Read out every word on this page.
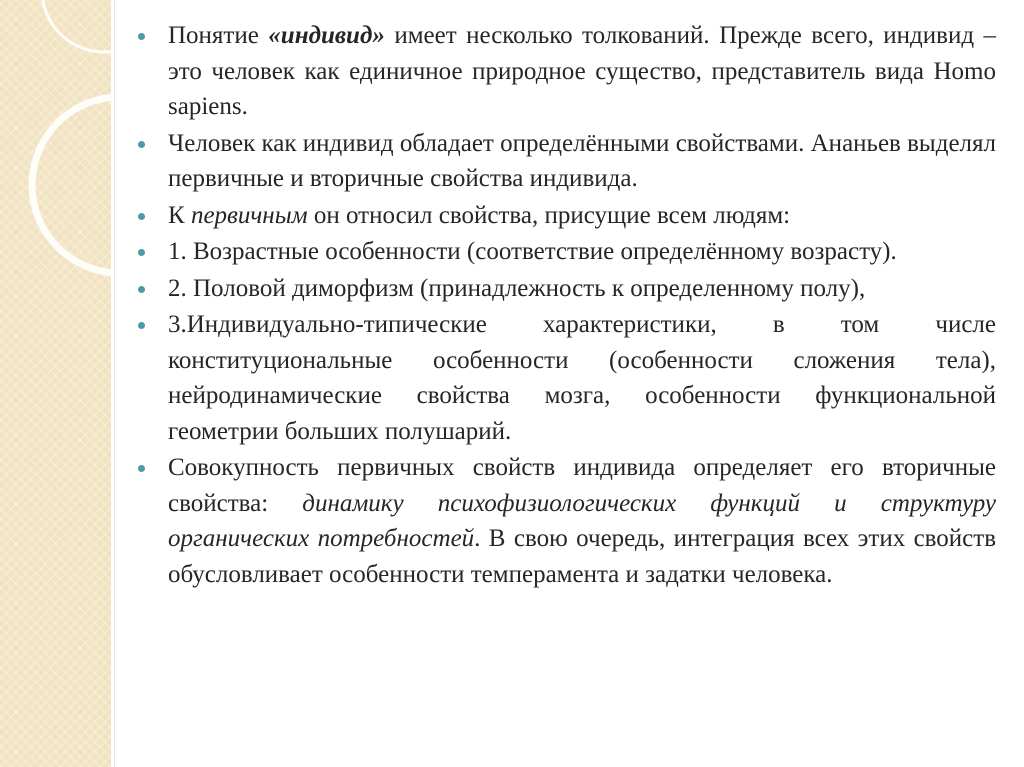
Понятие «индивид» имеет несколько толкований. Прежде всего, индивид – это человек как единичное природное существо, представитель вида Homo sapiens.
Человек как индивид обладает определёнными свойствами. Ананьев выделял первичные и вторичные свойства индивида.
К первичным он относил свойства, присущие всем людям:
1. Возрастные особенности (соответствие определённому возрасту).
2. Половой диморфизм (принадлежность к определенному полу),
3.Индивидуально-типические характеристики, в том числе конституциональные особенности (особенности сложения тела), нейродинамические свойства мозга, особенности функциональной геометрии больших полушарий.
Совокупность первичных свойств индивида определяет его вторичные свойства: динамику психофизиологических функций и структуру органических потребностей. В свою очередь, интеграция всех этих свойств обусловливает особенности темперамента и задатки человека.
